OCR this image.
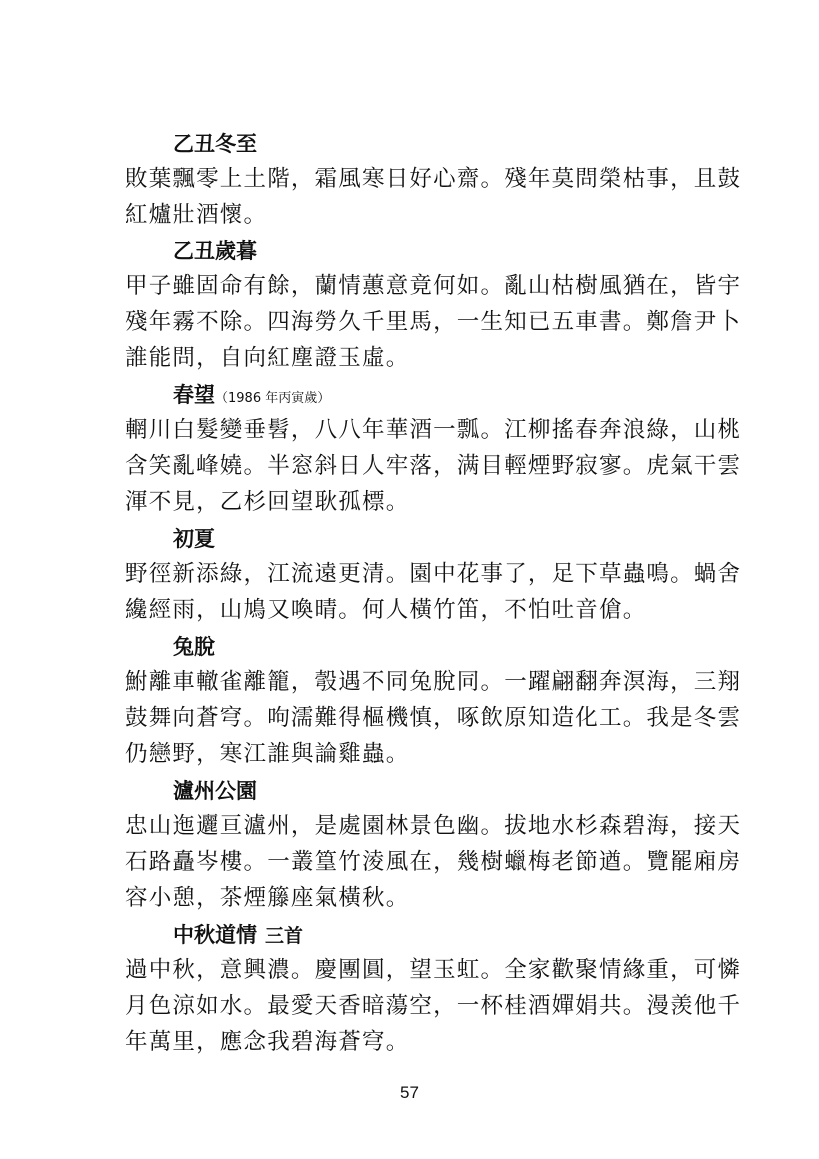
乙丑冬至
敗葉飄零上土階，霜風寒日好心齋。殘年莫問榮枯事，且鼓
紅爐壯酒懷。
乙丑歲暮
甲子雖固命有餘，蘭情蕙意竟何如。亂山枯樹風猶在，皆宇
殘年霧不除。四海勞久千里馬，一生知已五車書。鄭詹尹卜
誰能問，自向紅塵證玉虛。
春望（1986 年丙寅歲）
輞川白髮變垂髫，八八年華酒一瓢。江柳搖春奔浪綠，山桃
含笑亂峰嬈。半窓斜日人牢落，满目輕煙野寂寥。虎氣干雲
渾不見，乙杉回望耿孤標。
初夏
野徑新添綠，江流遠更清。園中花事了，足下草蟲鳴。蝸舍
纔經雨，山鳩又喚晴。何人橫竹笛，不怕吐音傖。
兔脫
鮒離車轍雀離籠，彀遇不同兔脫同。一躍翩翻奔溟海，三翔
鼓舞向蒼穹。呴濡難得樞機慎，啄飲原知造化工。我是冬雲
仍戀野，寒江誰與論雞蟲。
瀘州公園
忠山迤邐亘瀘州，是處園林景色幽。拔地水杉森碧海，接天
石路矗岑樓。一叢篁竹淩風在，幾樹蠟梅老節遒。覽罷廂房
容小憩，茶煙籐座氣橫秋。
中秋道情 三首
過中秋，意興濃。慶團圓，望玉虹。全家歡聚情緣重，可憐
月色涼如水。最愛天香暗蕩空，一杯桂酒嬋娟共。漫羡他千
年萬里，應念我碧海蒼穹。
57
